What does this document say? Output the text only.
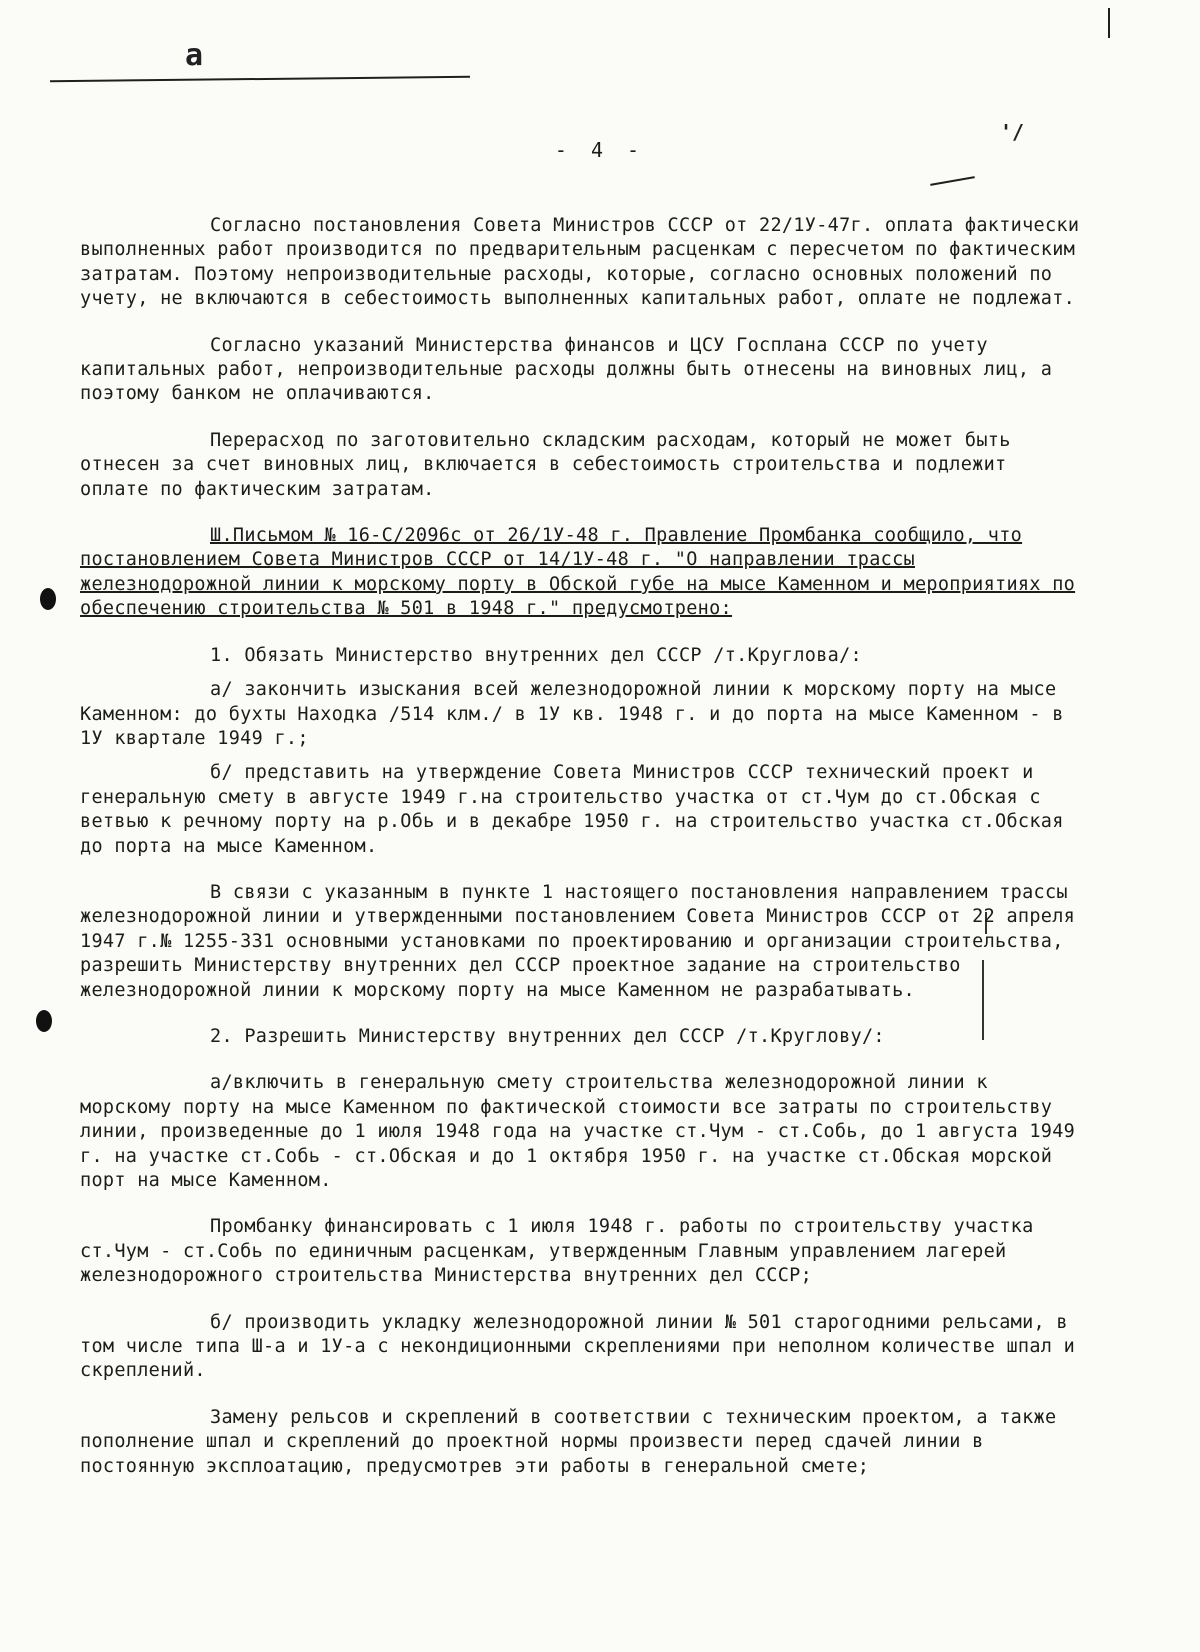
а
'/
- 4 -

Согласно постановления Совета Министров СССР от 22/1У-47г. оплата фактически выполненных работ производится по предварительным расценкам с пересчетом по фактическим затратам. Поэтому непроизводительные расходы, которые, согласно основных положений по учету, не включаются в себестоимость выполненных капитальных работ, оплате не подлежат.

Согласно указаний Министерства финансов и ЦСУ Госплана СССР по учету капитальных работ, непроизводительные расходы должны быть отнесены на виновных лиц, а поэтому банком не оплачиваются.

Перерасход по заготовительно складским расходам, который не может быть отнесен за счет виновных лиц, включается в себестоимость строительства и подлежит оплате по фактическим затратам.

Ш.Письмом № 16-С/2096с от 26/1У-48 г. Правление Промбанка сообщило, что постановлением Совета Министров СССР от 14/1У-48 г. "О направлении трассы железнодорожной линии к морскому порту в Обской губе на мысе Каменном и мероприятиях по обеспечению строительства № 501 в 1948 г." предусмотрено:

1. Обязать Министерство внутренних дел СССР /т.Круглова/:

а/ закончить изыскания всей железнодорожной линии к морскому порту на мысе Каменном: до бухты Находка /514 клм./ в 1У кв. 1948 г. и до порта на мысе Каменном - в 1У квартале 1949 г.;

б/ представить на утверждение Совета Министров СССР технический проект и генеральную смету в августе 1949 г.на строительство участка от ст.Чум до ст.Обская с ветвью к речному порту на р.Обь и в декабре 1950 г. на строительство участка ст.Обская до порта на мысе Каменном.

В связи с указанным в пункте 1 настоящего постановления направлением трассы железнодорожной линии и утвержденными постановлением Совета Министров СССР от 22 апреля 1947 г.№ 1255-331 основными установками по проектированию и организации строительства, разрешить Министерству внутренних дел СССР проектное задание на строительство железнодорожной линии к морскому порту на мысе Каменном не разрабатывать.

2. Разрешить Министерству внутренних дел СССР /т.Круглову/:

а/включить в генеральную смету строительства железнодорожной линии к морскому порту на мысе Каменном по фактической стоимости все затраты по строительству линии, произведенные до 1 июля 1948 года на участке ст.Чум - ст.Собь, до 1 августа 1949 г. на участке ст.Собь - ст.Обская и до 1 октября 1950 г. на участке ст.Обская морской порт на мысе Каменном.

Промбанку финансировать с 1 июля 1948 г. работы по строительству участка ст.Чум - ст.Собь по единичным расценкам, утвержденным Главным управлением лагерей железнодорожного строительства Министерства внутренних дел СССР;

б/ производить укладку железнодорожной линии № 501 старогодними рельсами, в том числе типа Ш-а и 1У-а с некондиционными скреплениями при неполном количестве шпал и скреплений.

Замену рельсов и скреплений в соответствии с техническим проектом, а также пополнение шпал и скреплений до проектной нормы произвести перед сдачей линии в постоянную эксплоатацию, предусмотрев эти работы в генеральной смете;
